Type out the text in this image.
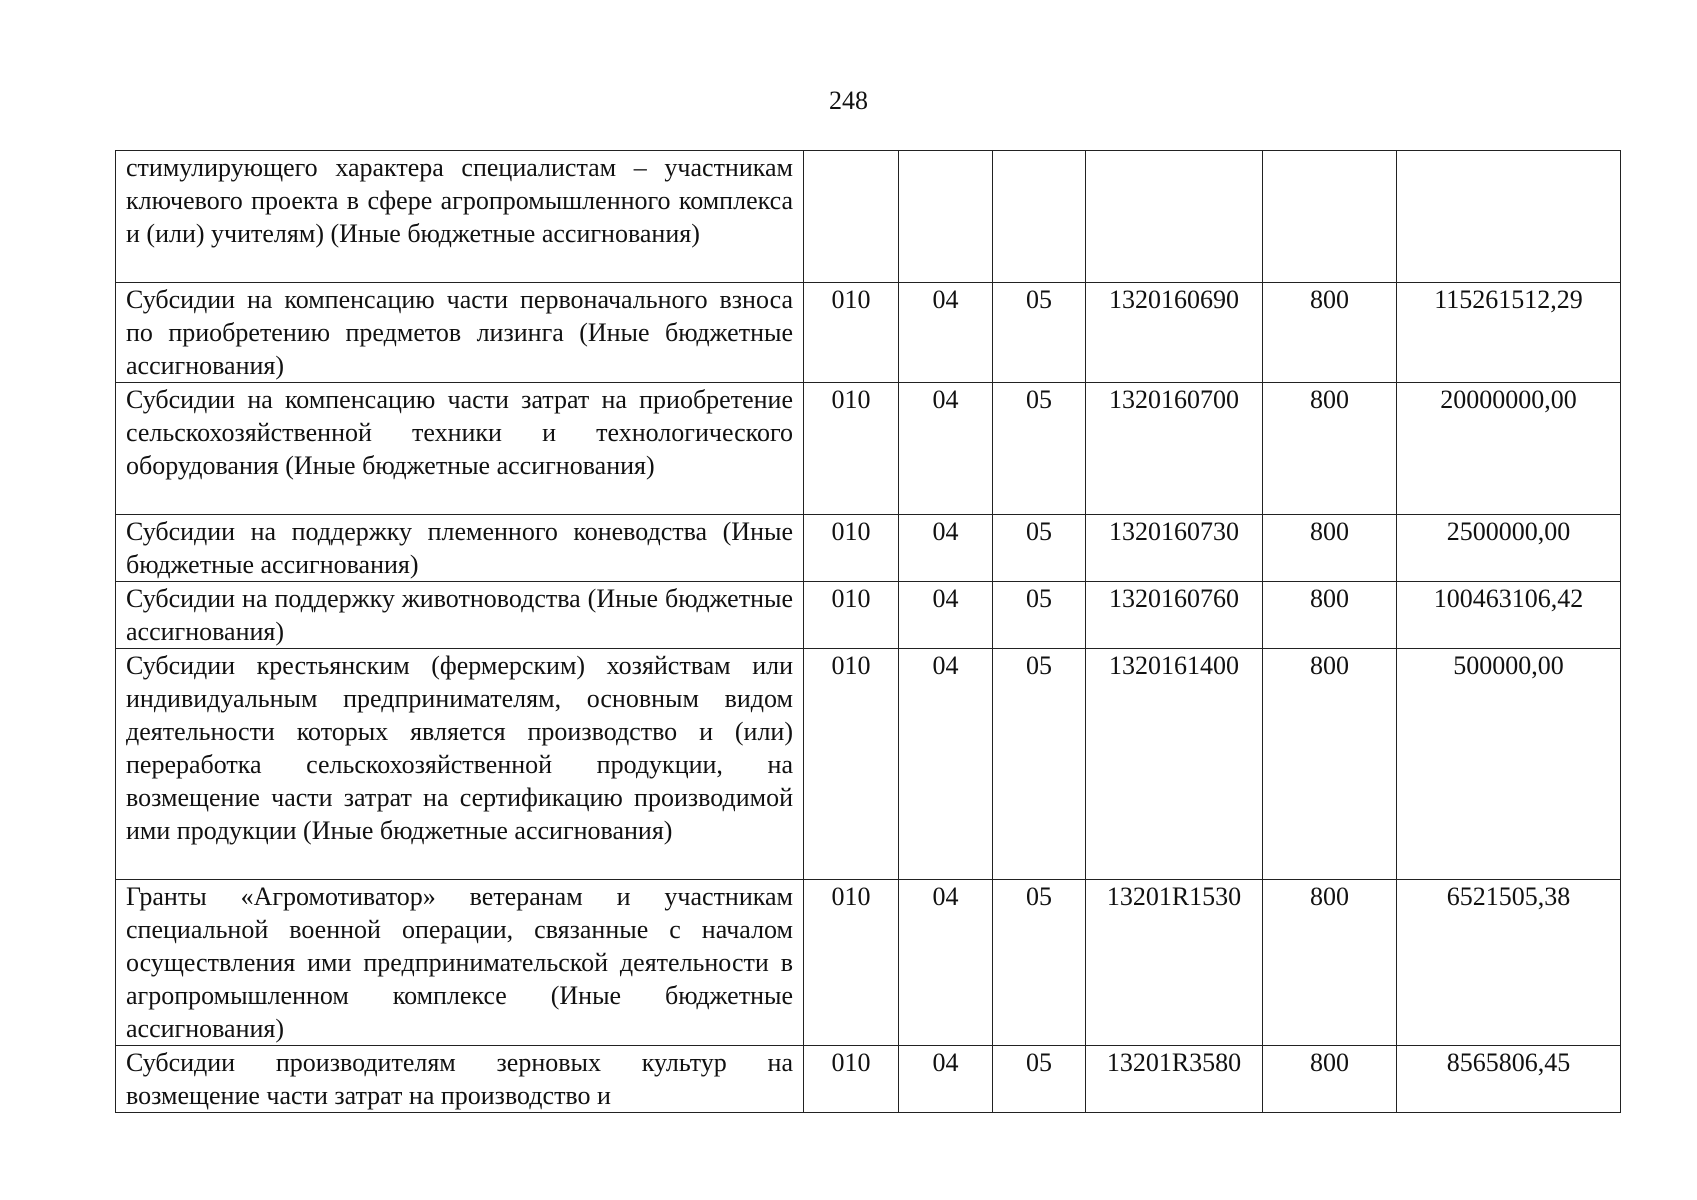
248
стимулирующего характера специалистам – участникам ключевого проекта в сфере агропромышленного комплекса и (или) учителям) (Иные бюджетные ассигнования)						
Субсидии на компенсацию части первоначального взноса по приобретению предметов лизинга (Иные бюджетные ассигнования)	010	04	05	1320160690	800	115261512,29
Субсидии на компенсацию части затрат на приобретение сельскохозяйственной техники и технологического оборудования (Иные бюджетные ассигнования)	010	04	05	1320160700	800	20000000,00
Субсидии на поддержку племенного коневодства (Иные бюджетные ассигнования)	010	04	05	1320160730	800	2500000,00
Субсидии на поддержку животноводства (Иные бюджетные ассигнования)	010	04	05	1320160760	800	100463106,42
Субсидии крестьянским (фермерским) хозяйствам или индивидуальным предпринимателям, основным видом деятельности которых является производство и (или) переработка сельскохозяйственной продукции, на возмещение части затрат на сертификацию производимой ими продукции (Иные бюджетные ассигнования)	010	04	05	1320161400	800	500000,00
Гранты «Агромотиватор» ветеранам и участникам специальной военной операции, связанные с началом осуществления ими предпринимательской деятельности в агропромышленном комплексе (Иные бюджетные ассигнования)	010	04	05	13201R1530	800	6521505,38
Субсидии производителям зерновых культур на возмещение части затрат на производство и	010	04	05	13201R3580	800	8565806,45
